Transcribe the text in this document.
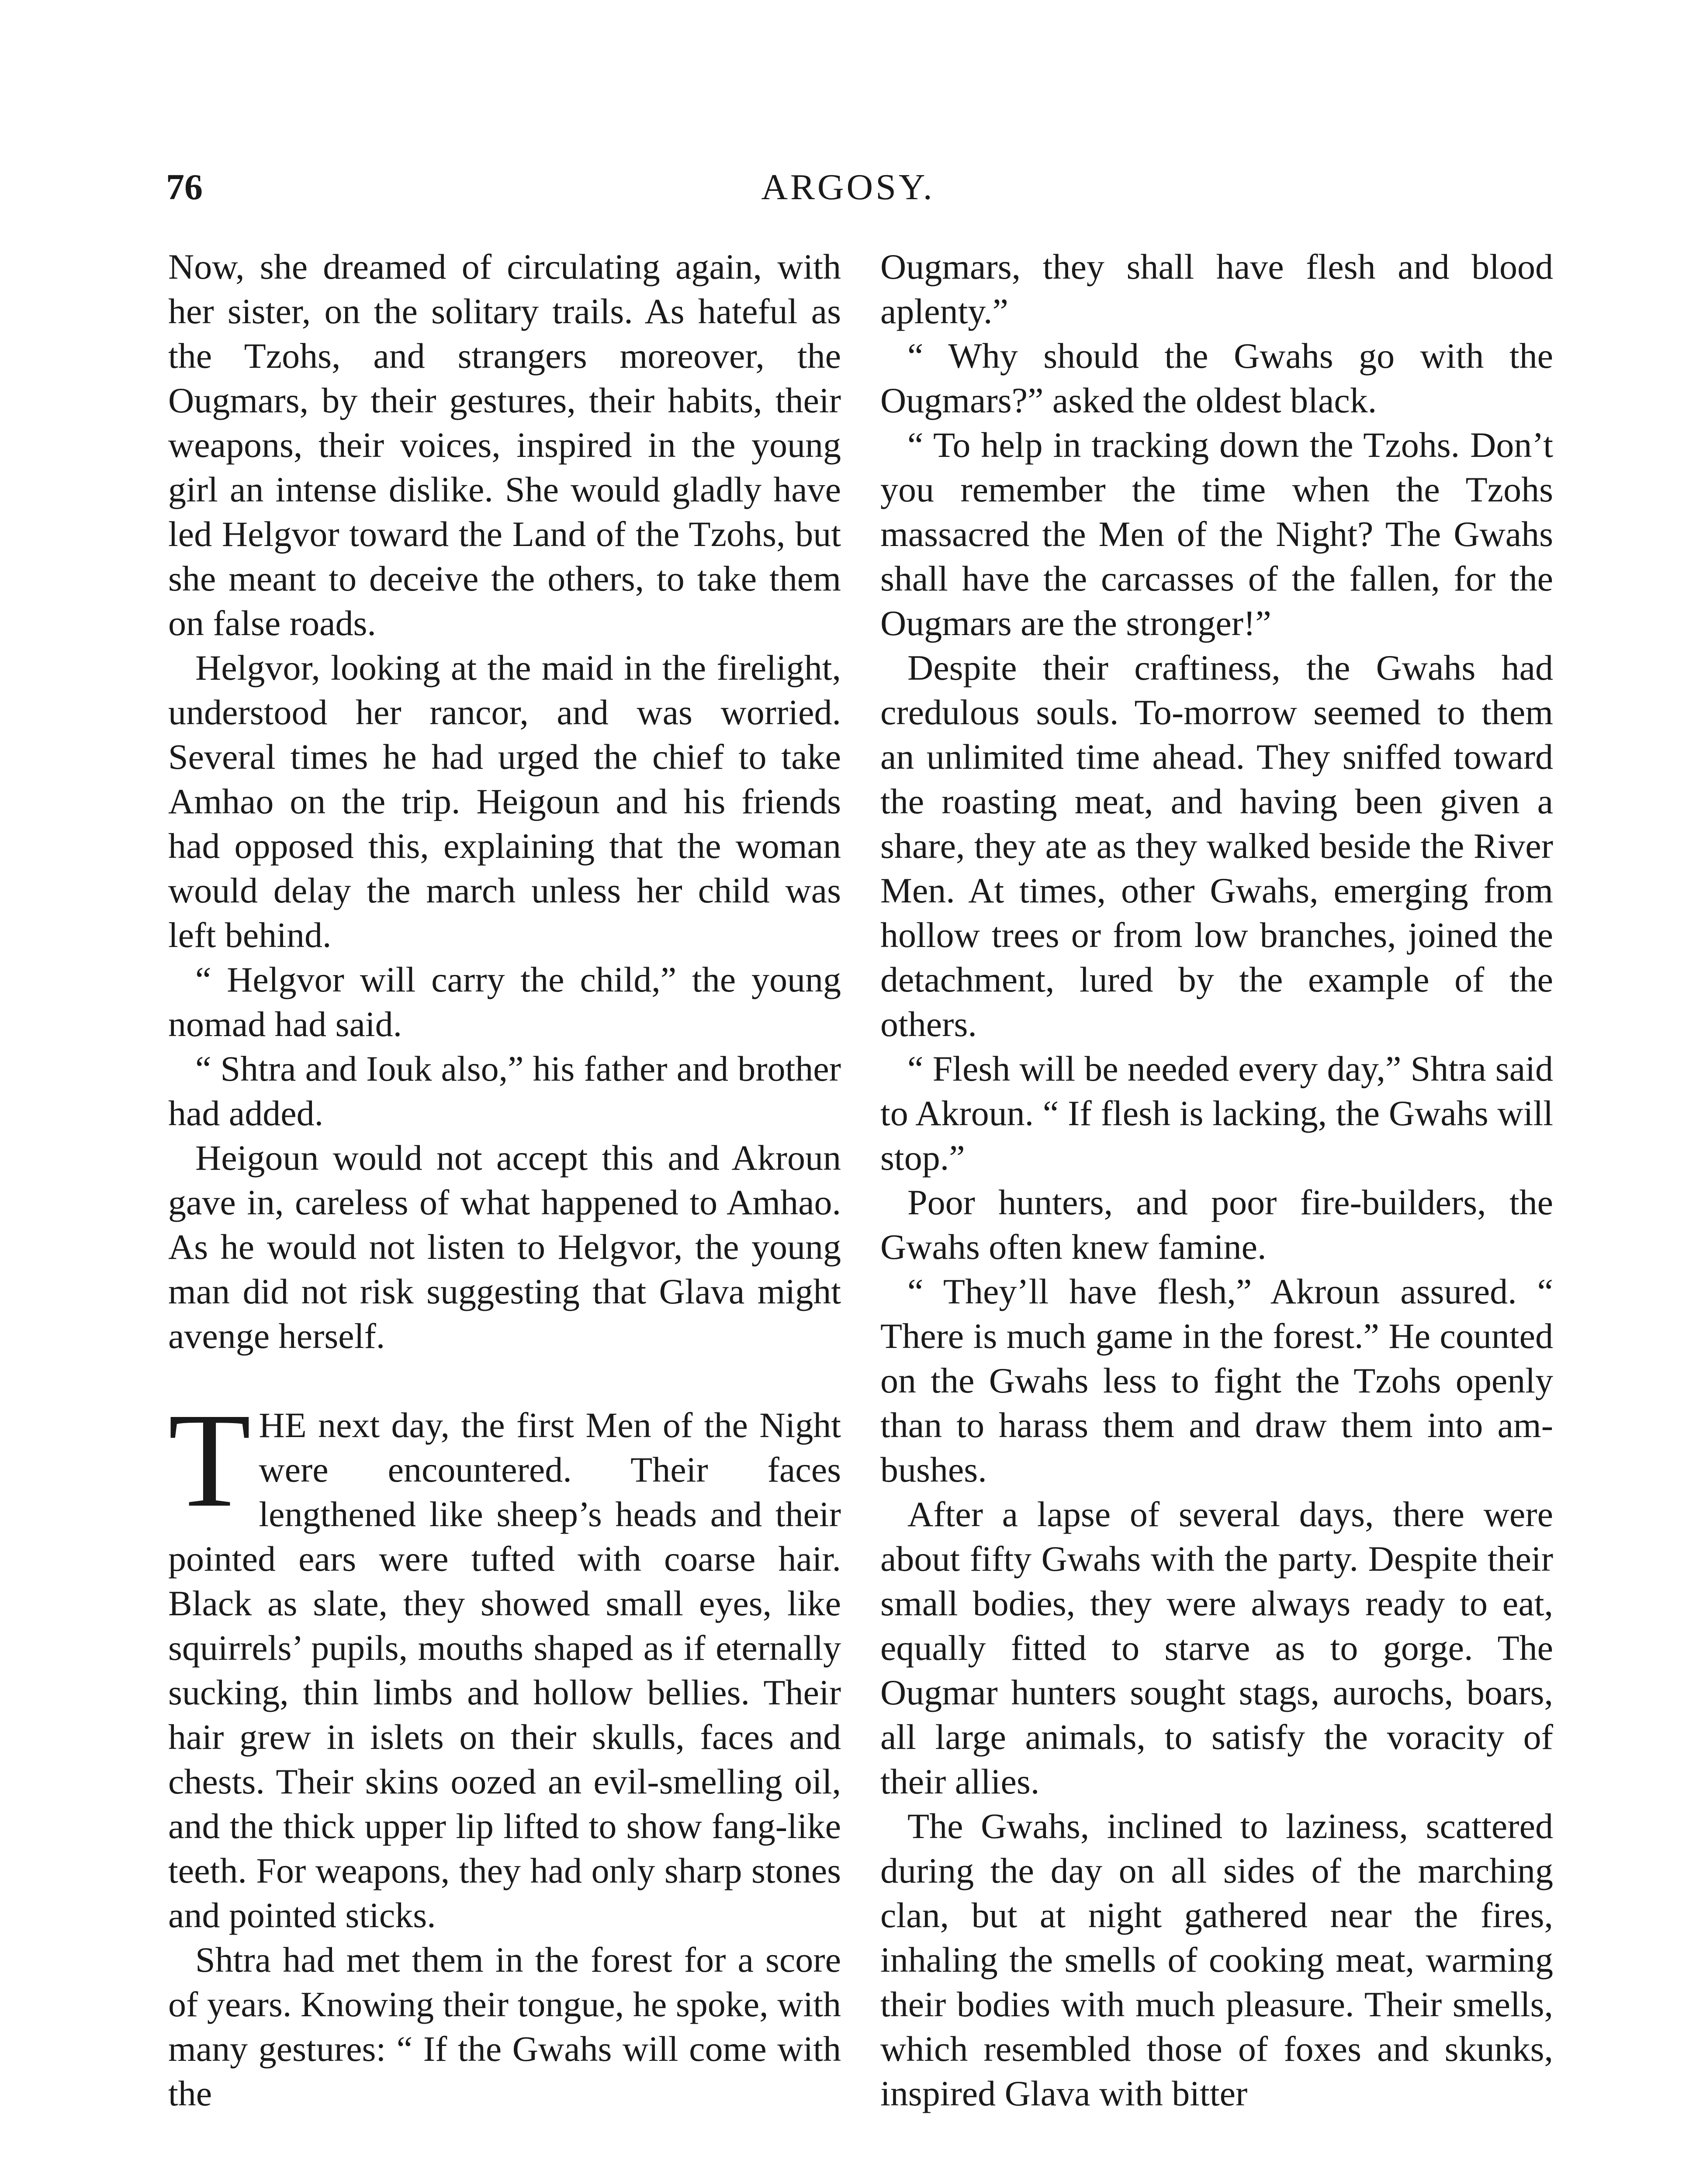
76	ARGOSY.

Now, she dreamed of circulating again, with her sister, on the solitary trails. As hateful as the Tzohs, and strangers moreover, the Ougmars, by their gestures, their habits, their weapons, their voices, inspired in the young girl an intense dislike. She would gladly have led Helgvor toward the Land of the Tzohs, but she meant to deceive the others, to take them on false roads.

Helgvor, looking at the maid in the firelight, understood her rancor, and was worried. Several times he had urged the chief to take Amhao on the trip. Heigoun and his friends had opposed this, explaining that the woman would delay the march unless her child was left behind.

“ Helgvor will carry the child,” the young nomad had said.

“ Shtra and Iouk also,” his father and brother had added.

Heigoun would not accept this and Akroun gave in, careless of what happened to Amhao. As he would not listen to Helgvor, the young man did not risk suggesting that Glava might avenge herself.

THE next day, the first Men of the Night were encountered. Their faces lengthened like sheep’s heads and their pointed ears were tufted with coarse hair. Black as slate, they showed small eyes, like squirrels’ pupils, mouths shaped as if eternally sucking, thin limbs and hollow bellies. Their hair grew in islets on their skulls, faces and chests. Their skins oozed an evil-smelling oil, and the thick upper lip lifted to show fang-like teeth. For weapons, they had only sharp stones and pointed sticks.

Shtra had met them in the forest for a score of years. Knowing their tongue, he spoke, with many gestures: “ If the Gwahs will come with the

Ougmars, they shall have flesh and blood aplenty.”

“ Why should the Gwahs go with the Ougmars?” asked the oldest black.

“ To help in tracking down the Tzohs. Don’t you remember the time when the Tzohs massacred the Men of the Night? The Gwahs shall have the carcasses of the fallen, for the Ougmars are the stronger!”

Despite their craftiness, the Gwahs had credulous souls. To-morrow seemed to them an unlimited time ahead. They sniffed toward the roasting meat, and having been given a share, they ate as they walked beside the River Men. At times, other Gwahs, emerging from hollow trees or from low branches, joined the detachment, lured by the example of the others.

“ Flesh will be needed every day,” Shtra said to Akroun. “ If flesh is lacking, the Gwahs will stop.”

Poor hunters, and poor fire-builders, the Gwahs often knew famine.

“ They’ll have flesh,” Akroun assured. “ There is much game in the forest.” He counted on the Gwahs less to fight the Tzohs openly than to harass them and draw them into ambushes.

After a lapse of several days, there were about fifty Gwahs with the party. Despite their small bodies, they were always ready to eat, equally fitted to starve as to gorge. The Ougmar hunters sought stags, aurochs, boars, all large animals, to satisfy the voracity of their allies.

The Gwahs, inclined to laziness, scattered during the day on all sides of the marching clan, but at night gathered near the fires, inhaling the smells of cooking meat, warming their bodies with much pleasure. Their smells, which resembled those of foxes and skunks, inspired Glava with bitter
